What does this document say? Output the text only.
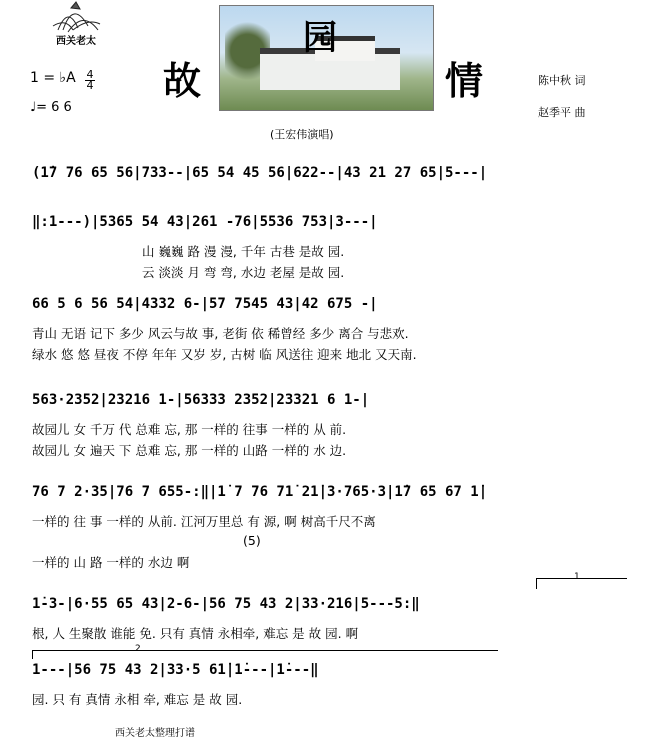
西关老太
故
园
情
1 = ♭A 4
4
♩= 6 6
陈中秋 词
赵季平 曲
(王宏伟演唱)
(1̇7 76 65 56|733--|65 54 45 56|622--|43 21 27 65|5---|
‖:1---)|5365 54 43|261 -76|5536 753|3---|
山 巍巍 路 漫 漫, 千年 古巷 是故 园.
云 淡淡 月 弯 弯, 水边 老屋 是故 园.
66 5 6 56 54|4332 6-|57 7545 43|42 675 -|
青山 无语 记下 多少 风云与故 事, 老街 依 稀曾经 多少 离合 与悲欢.
绿水 悠 悠 昼夜 不停 年年 又岁 岁, 古树 临 风送往 迎来 地北 又天南.
563·2352|23216 1-|56333 2352|23321 6 1-|
故园儿 女 千万 代 总难 忘, 那 一样的 往事 一样的 从 前.
故园儿 女 遍天 下 总难 忘, 那 一样的 山路 一样的 水 边.
76 7 2·35|76 7 655-:‖|1̇ 7 76 71̇ 21̇|3·765·3|1̇7 65 67 1̇|
一样的 往 事 一样的 从前. 江河万里总 有 源, 啊 树高千尺不离
(5)
一样的 山 路 一样的 水边 啊
1
1̇-3-|6·55 65 43|2-6-|56 75 43 2|33·216|5---5:‖
根, 人 生聚散 谁能 免. 只有 真情 永相牵, 难忘 是 故 园. 啊
2
1---|56 75 43 2|33·5 61̇|1̇---|1̇---‖
园. 只 有 真情 永相 牵, 难忘 是 故 园.
西关老太整理打谱
